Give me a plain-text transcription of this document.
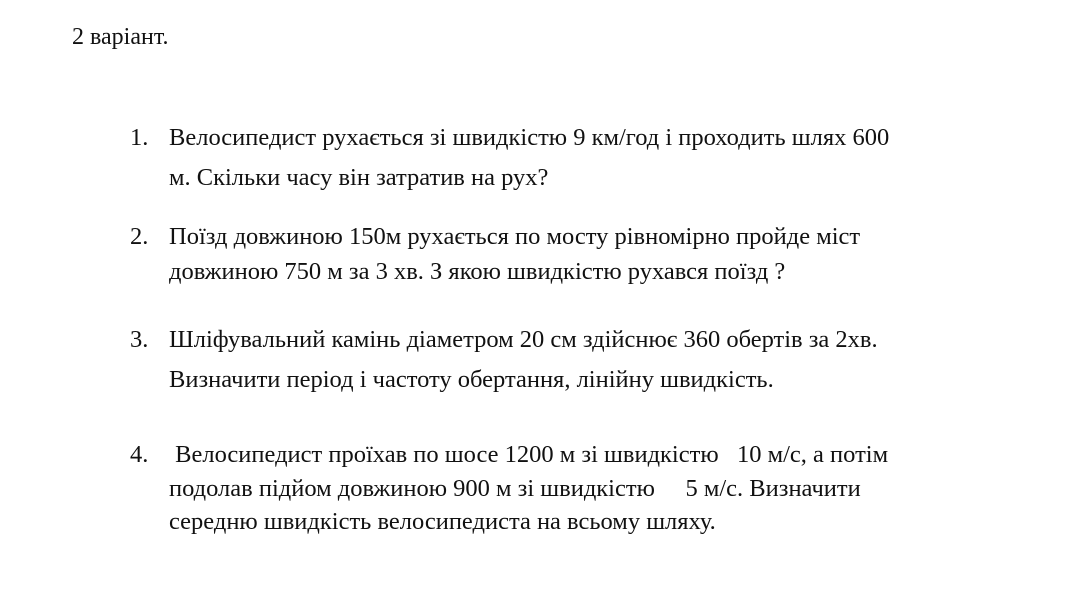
2 варіант.
1. Велосипедист рухається зі швидкістю 9 км/год і проходить шлях 600
м. Скільки часу він затратив на рух?
2. Поїзд довжиною 150м рухається по мосту рівномірно пройде міст
довжиною 750 м за 3 хв. З якою швидкістю рухався поїзд ?
3. Шліфувальний камінь діаметром 20 см здійснює 360 обертів за 2хв.
Визначити період і частоту обертання, лінійну швидкість.
4. Велосипедист проїхав по шосе 1200 м зі швидкістю   10 м/с, а потім
подолав підйом довжиною 900 м зі швидкістю     5 м/с. Визначити
середню швидкість велосипедиста на всьому шляху.
